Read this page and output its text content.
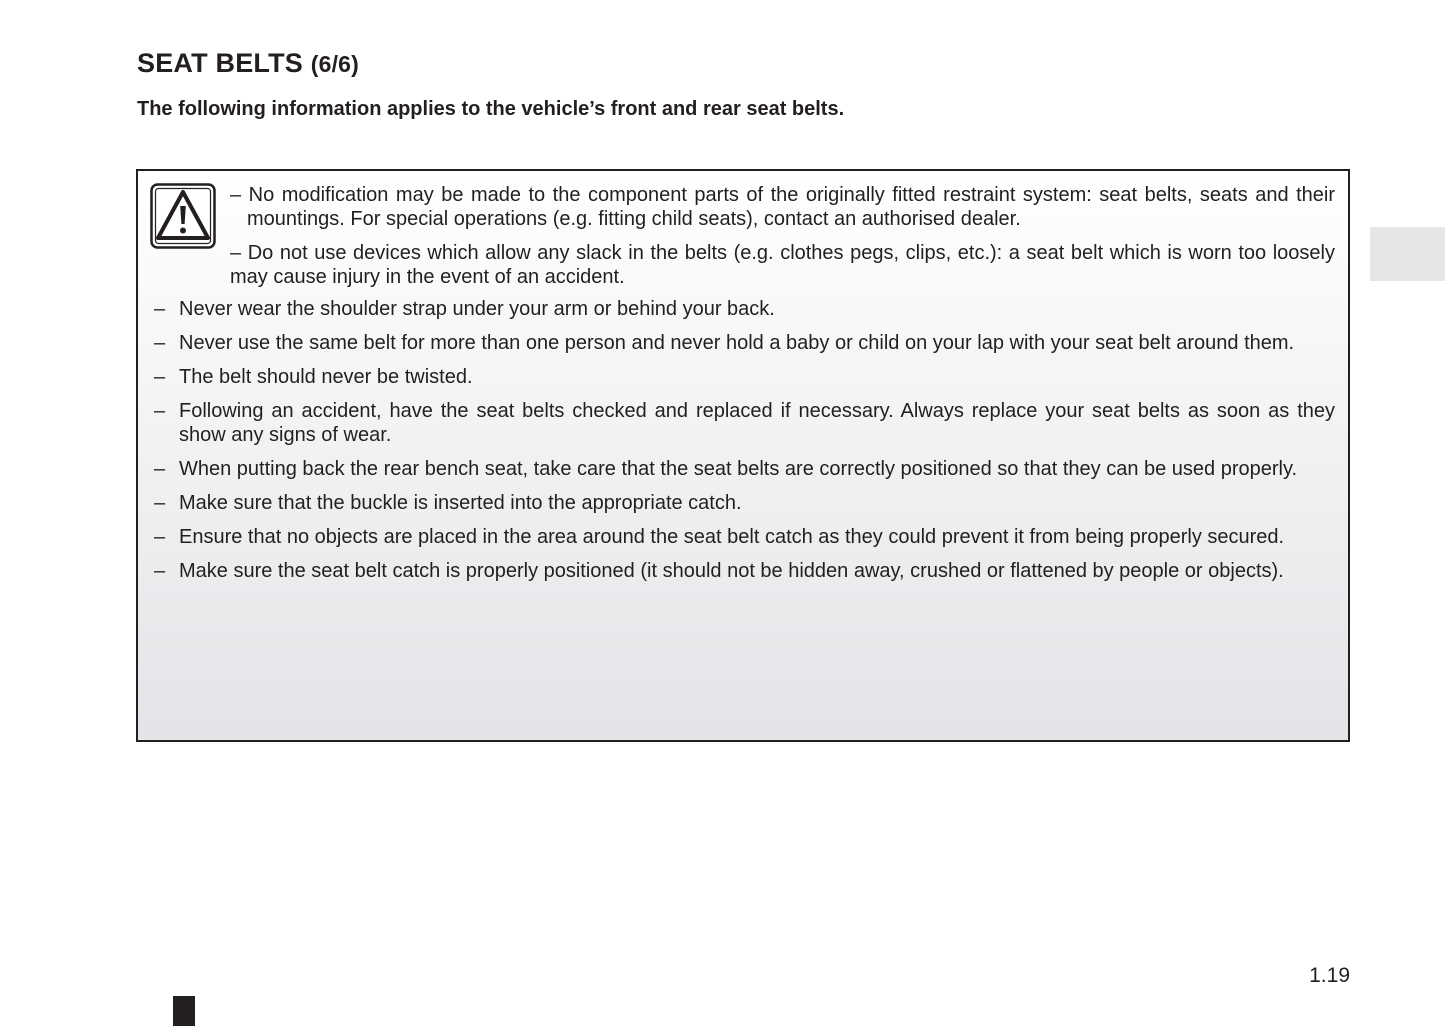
SEAT BELTS (6/6)

The following information applies to the vehicle’s front and rear seat belts.

– No modification may be made to the component parts of the originally fitted restraint system: seat belts, seats and their mountings. For special operations (e.g. fitting child seats), contact an authorised dealer.
– Do not use devices which allow any slack in the belts (e.g. clothes pegs, clips, etc.): a seat belt which is worn too loosely may cause injury in the event of an accident.
– Never wear the shoulder strap under your arm or behind your back.
– Never use the same belt for more than one person and never hold a baby or child on your lap with your seat belt around them.
– The belt should never be twisted.
– Following an accident, have the seat belts checked and replaced if necessary. Always replace your seat belts as soon as they show any signs of wear.
– When putting back the rear bench seat, take care that the seat belts are correctly positioned so that they can be used properly.
– Make sure that the buckle is inserted into the appropriate catch.
– Ensure that no objects are placed in the area around the seat belt catch as they could prevent it from being properly secured.
– Make sure the seat belt catch is properly positioned (it should not be hidden away, crushed or flattened by people or objects).

1.19
